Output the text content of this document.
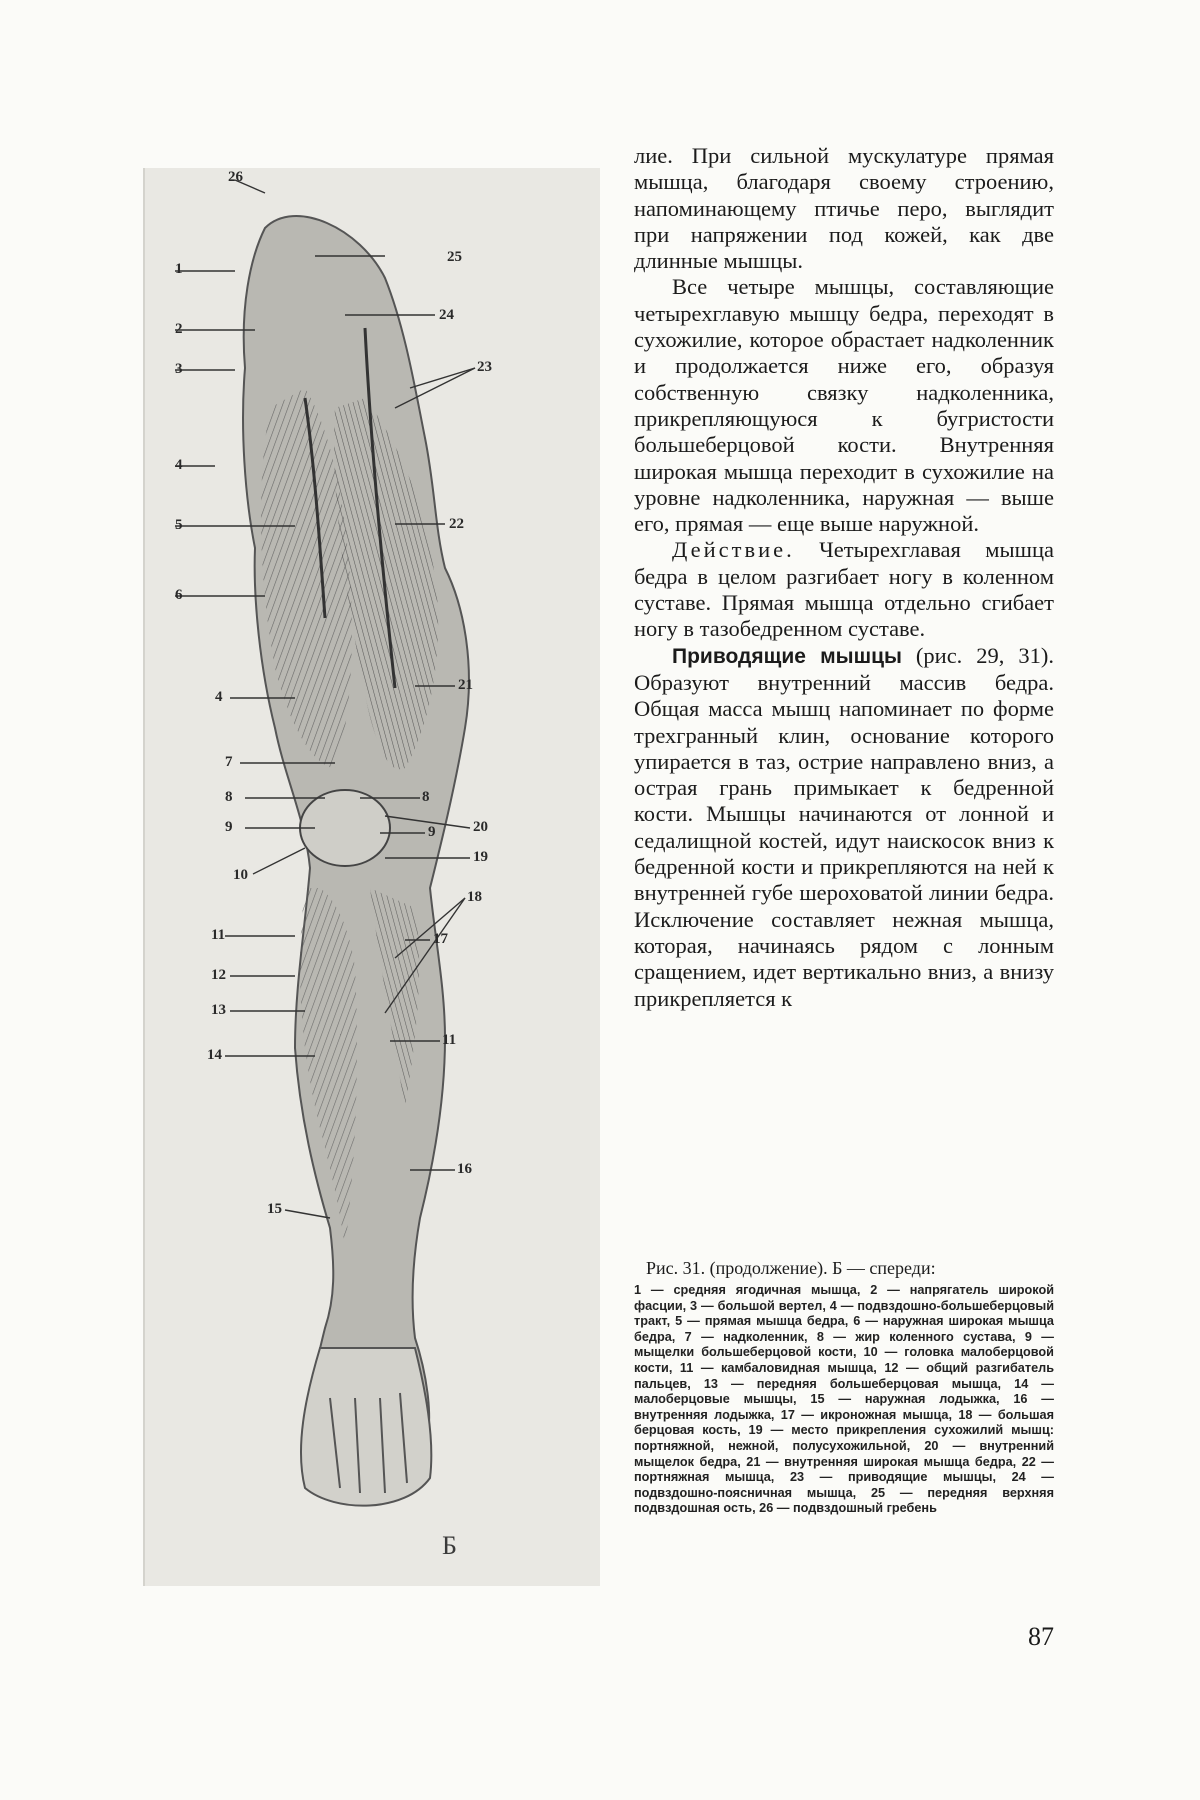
26
25
1
24
2
23
3
4
22
5
6
21
4
7
8	8
9	20
9
19
10
18
11	17
12
13
11
14
16
15
Б

лие. При сильной мускулатуре прямая мышца, благодаря своему строению, напоминающему птичье перо, выглядит при напряжении под кожей, как две длинные мышцы.

Все четыре мышцы, составляющие четырехглавую мышцу бедра, переходят в сухожилие, которое обрастает надколенник и продолжается ниже его, образуя собственную связку надколенника, прикрепляющуюся к бугристости большеберцовой кости. Внутренняя широкая мышца переходит в сухожилие на уровне надколенника, наружная — выше его, прямая — еще выше наружной.

Действие. Четырехглавая мышца бедра в целом разгибает ногу в коленном суставе. Прямая мышца отдельно сгибает ногу в тазобедренном суставе.

Приводящие мышцы (рис. 29, 31). Образуют внутренний массив бедра. Общая масса мышц напоминает по форме трехгранный клин, основание которого упирается в таз, острие направлено вниз, а острая грань примыкает к бедренной кости. Мышцы начинаются от лонной и седалищной костей, идут наискосок вниз к бедренной кости и прикрепляются на ней к внутренней губе шероховатой линии бедра. Исключение составляет нежная мышца, которая, начинаясь рядом с лонным сращением, идет вертикально вниз, а внизу прикрепляется к

Рис. 31. (продолжение). Б — спереди:
1 — средняя ягодичная мышца, 2 — напрягатель широкой фасции, 3 — большой вертел, 4 — подвздошно-большеберцовый тракт, 5 — прямая мышца бедра, 6 — наружная широкая мышца бедра, 7 — надколенник, 8 — жир коленного сустава, 9 — мыщелки большеберцовой кости, 10 — головка малоберцовой кости, 11 — камбаловидная мышца, 12 — общий разгибатель пальцев, 13 — передняя большеберцовая мышца, 14 — малоберцовые мышцы, 15 — наружная лодыжка, 16 — внутренняя лодыжка, 17 — икроножная мышца, 18 — большая берцовая кость, 19 — место прикрепления сухожилий мышц: портняжной, нежной, полусухожильной, 20 — внутренний мыщелок бедра, 21 — внутренняя широкая мышца бедра, 22 — портняжная мышца, 23 — приводящие мышцы, 24 — подвздошно-поясничная мышца, 25 — передняя верхняя подвздошная ость, 26 — подвздошный гребень
87
